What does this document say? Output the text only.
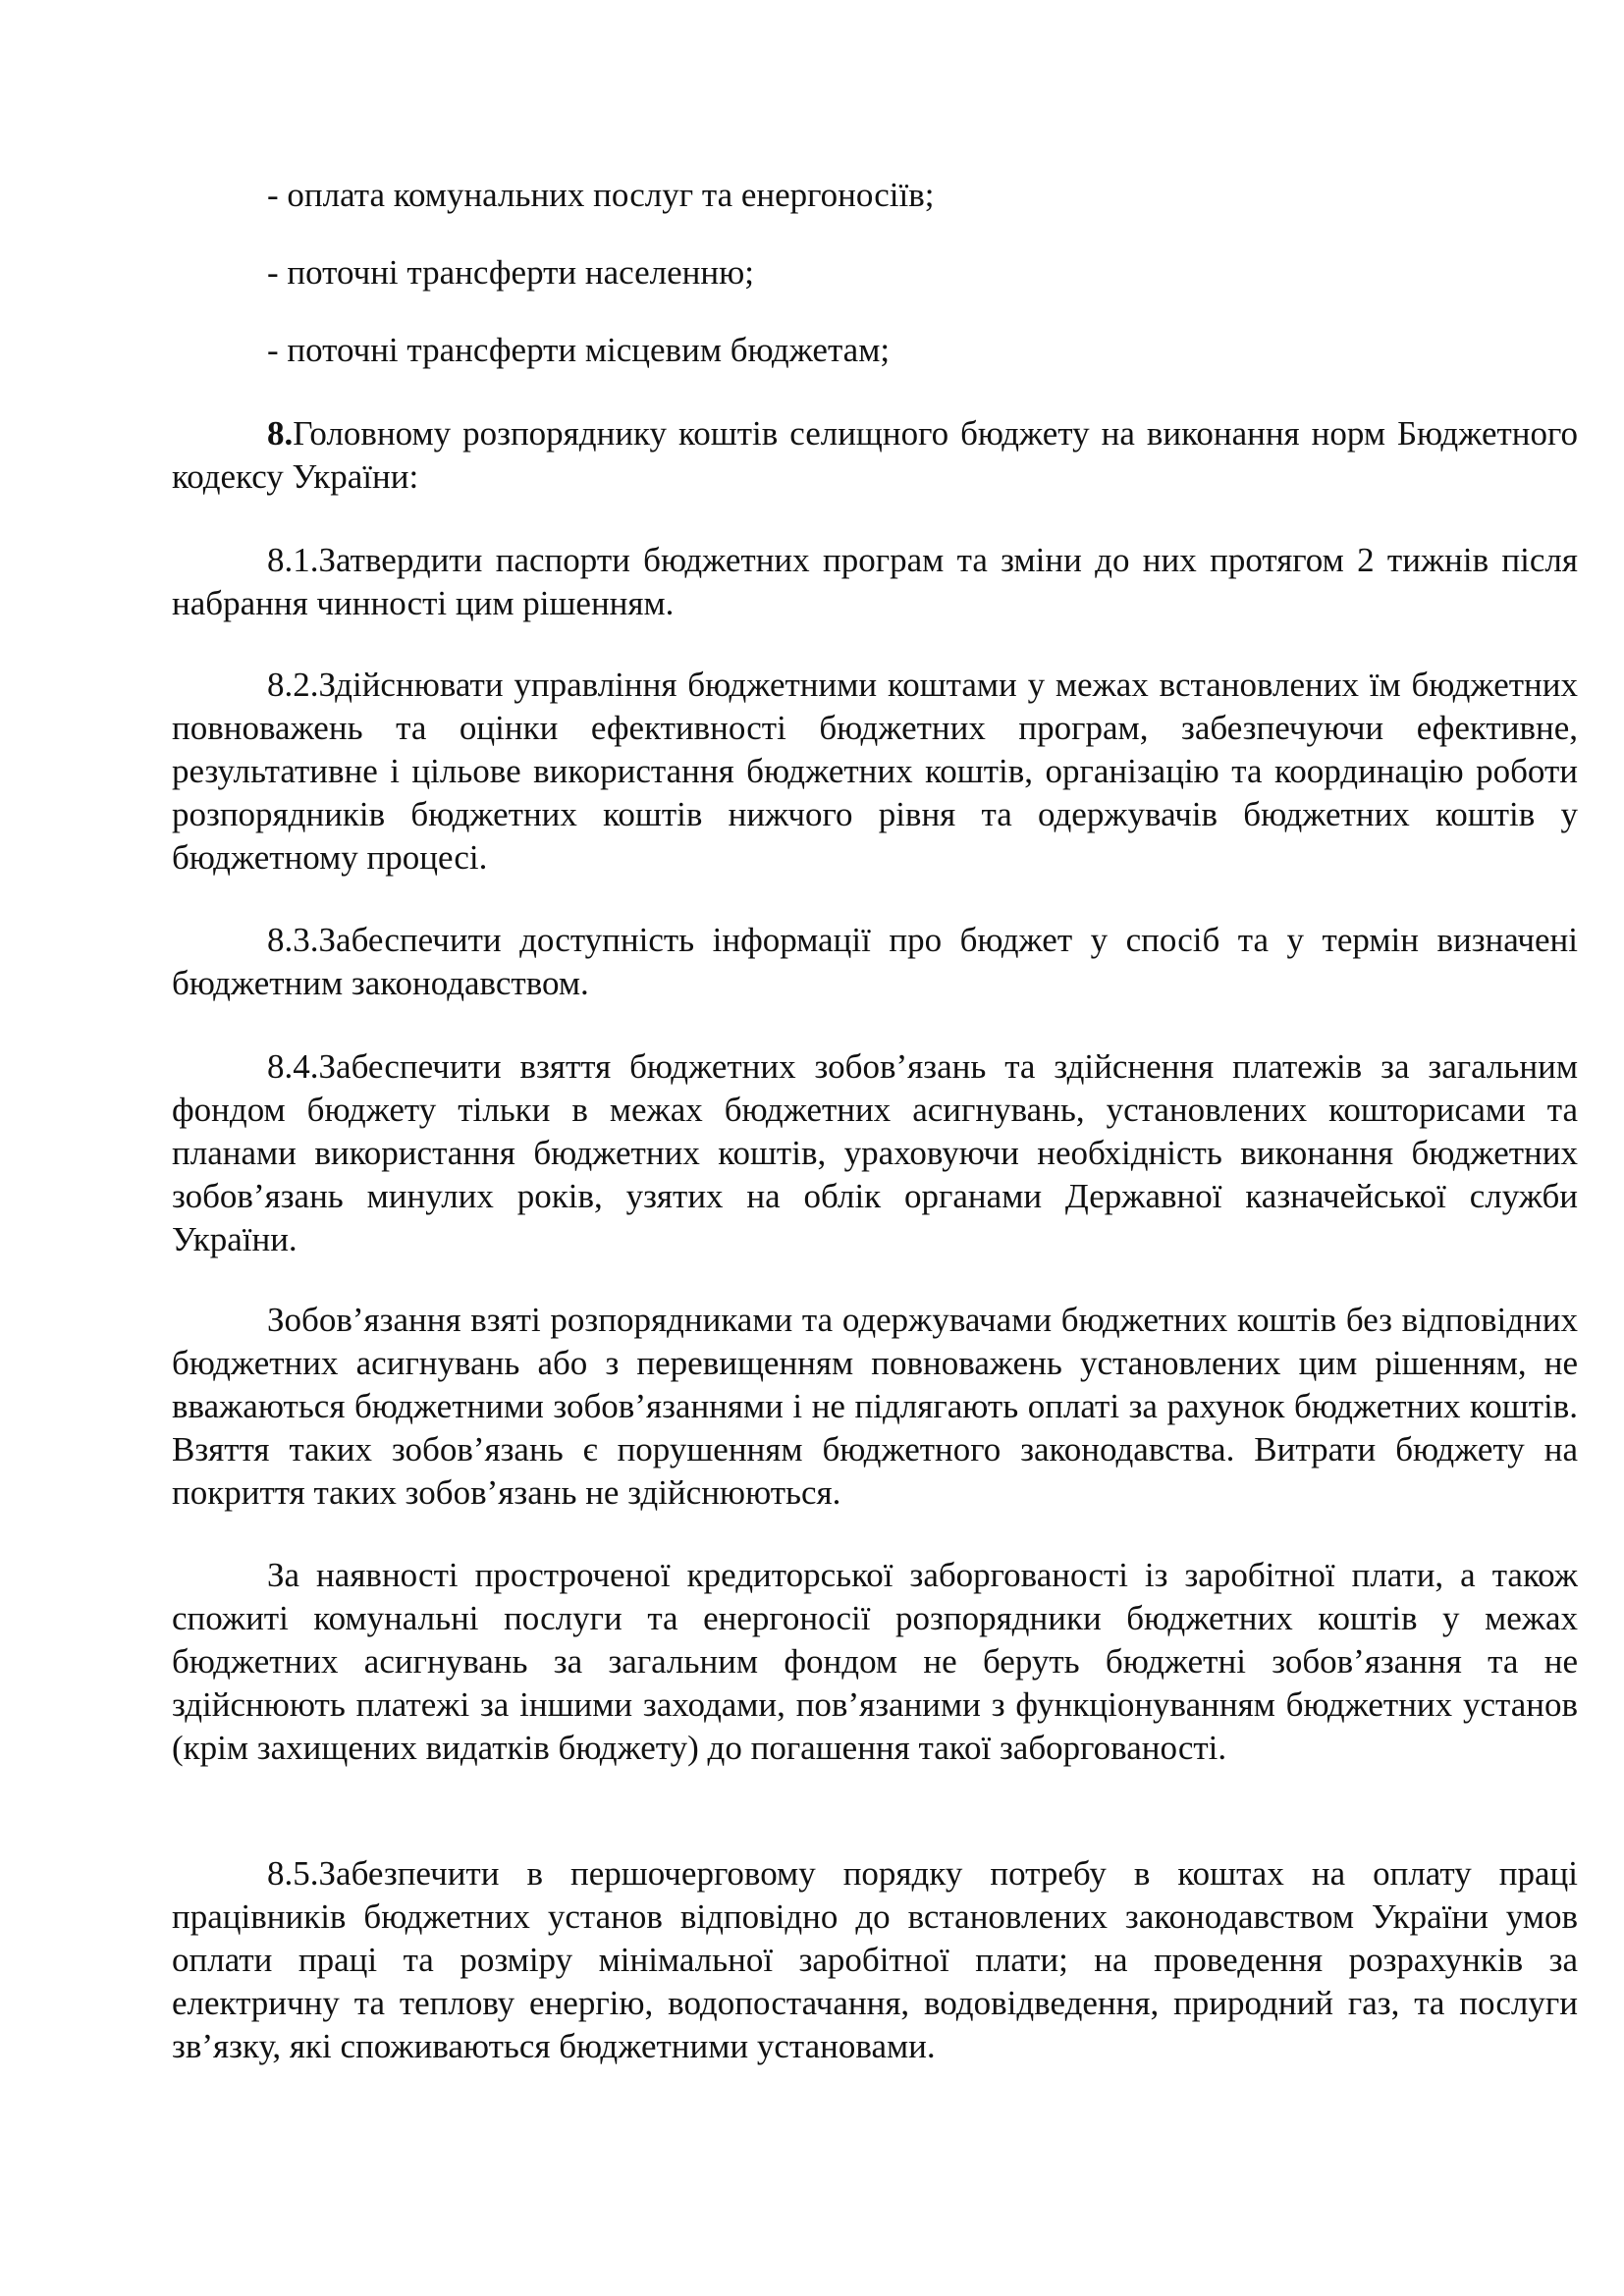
- оплата комунальних послуг та енергоносіїв;

- поточні трансферти населенню;

- поточні трансферти місцевим бюджетам;

8.Головному розпоряднику коштів селищного бюджету на виконання норм Бюджетного кодексу України:

8.1.Затвердити паспорти бюджетних програм та зміни до них протягом 2 тижнів після набрання чинності цим рішенням.

8.2.Здійснювати управління бюджетними коштами у межах встановлених їм бюджетних повноважень та оцінки ефективності бюджетних програм, забезпечуючи ефективне, результативне і цільове використання бюджетних коштів, організацію та координацію роботи розпорядників бюджетних коштів нижчого рівня та одержувачів бюджетних коштів у бюджетному процесі.

8.3.Забеспечити доступність інформації про бюджет у спосіб та у термін визначені бюджетним законодавством.

8.4.Забеспечити взяття бюджетних зобов’язань та здійснення платежів за загальним фондом бюджету тільки в межах бюджетних асигнувань, установлених кошторисами та планами використання бюджетних коштів, ураховуючи необхідність виконання бюджетних зобов’язань минулих років, узятих на облік органами Державної казначейської служби України.

Зобов’язання взяті розпорядниками та одержувачами бюджетних коштів без відповідних бюджетних асигнувань або з перевищенням повноважень установлених цим рішенням, не вважаються бюджетними зобов’язаннями і не підлягають оплаті за рахунок бюджетних коштів. Взяття таких зобов’язань є порушенням бюджетного законодавства. Витрати бюджету на покриття таких зобов’язань не здійснюються.

За наявності простроченої кредиторської заборгованості із заробітної плати, а також спожиті комунальні послуги та енергоносії розпорядники бюджетних коштів у межах бюджетних асигнувань за загальним фондом не беруть бюджетні зобов’язання та не здійснюють платежі за іншими заходами, пов’язаними з функціонуванням бюджетних установ (крім захищених видатків бюджету) до погашення такої заборгованості.

8.5.Забезпечити в першочерговому порядку потребу в коштах на оплату праці працівників бюджетних установ відповідно до встановлених законодавством України умов оплати праці та розміру мінімальної заробітної плати; на проведення розрахунків за електричну та теплову енергію, водопостачання, водовідведення, природний газ, та послуги зв’язку, які споживаються бюджетними установами.
